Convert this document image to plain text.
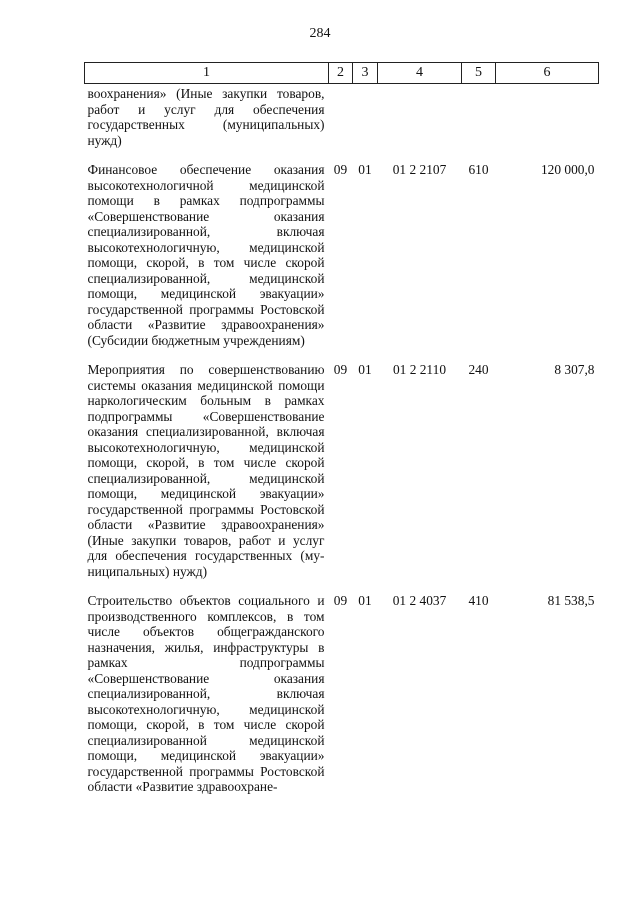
284
1	2	3	4	5	6
воохранения» (Иные закупки товаров, работ и услуг для обеспечения государственных (муниципальных) нужд)					
Финансовое обеспечение оказания высокотехнологичной медицинской помощи в рамках подпрограммы «Совершенствование оказания специализированной, включая высокотехнологичную, медицинской помощи, скорой, в том числе скорой специализированной, медицинской помощи, медицинской эвакуации» государственной программы Ростовской области «Развитие здравоохранения» (Субсидии бюджетным учреждениям)	09	01	01 2 2107	610	120 000,0
Мероприятия по совершенствованию системы оказания медицинской помощи наркологическим больным в рамках подпрограммы «Совершенствование оказания специализированной, включая высокотехнологичную, медицинской помощи, скорой, в том числе скорой специализированной, медицинской помощи, медицинской эвакуации» государственной программы Ростовской области «Развитие здравоохранения» (Иные закупки товаров, работ и услуг для обеспечения государственных (муниципальных) нужд)	09	01	01 2 2110	240	8 307,8
Строительство объектов социального и производственного комплексов, в том числе объектов общегражданского назначения, жилья, инфраструктуры в рамках подпрограммы «Совершенствование оказания специализированной, включая высокотехнологичную, медицинской помощи, скорой, в том числе скорой специализированной медицинской помощи, медицинской эвакуации» государственной программы Ростовской области «Развитие здравоохране-	09	01	01 2 4037	410	81 538,5
